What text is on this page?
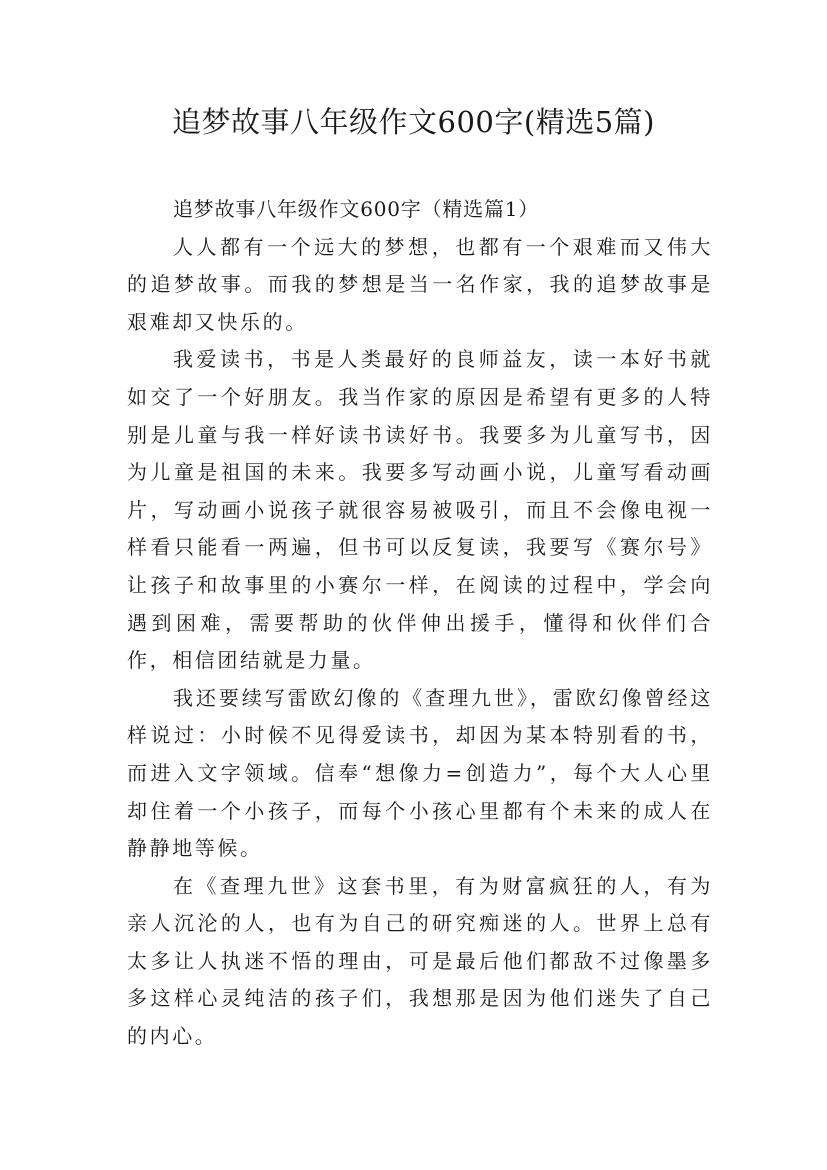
追梦故事八年级作文600字(精选5篇)

追梦故事八年级作文600字（精选篇1）

人人都有一个远大的梦想，也都有一个艰难而又伟大的追梦故事。而我的梦想是当一名作家，我的追梦故事是艰难却又快乐的。

我爱读书，书是人类最好的良师益友，读一本好书就如交了一个好朋友。我当作家的原因是希望有更多的人特别是儿童与我一样好读书读好书。我要多为儿童写书，因为儿童是祖国的未来。我要多写动画小说，儿童写看动画片，写动画小说孩子就很容易被吸引，而且不会像电视一样看只能看一两遍，但书可以反复读，我要写《赛尔号》让孩子和故事里的小赛尔一样，在阅读的过程中，学会向遇到困难，需要帮助的伙伴伸出援手，懂得和伙伴们合作，相信团结就是力量。

我还要续写雷欧幻像的《查理九世》，雷欧幻像曾经这样说过：小时候不见得爱读书，却因为某本特别看的书，而进入文字领域。信奉“想像力=创造力”，每个大人心里却住着一个小孩子，而每个小孩心里都有个未来的成人在静静地等候。

在《查理九世》这套书里，有为财富疯狂的人，有为亲人沉沦的人，也有为自己的研究痴迷的人。世界上总有太多让人执迷不悟的理由，可是最后他们都敌不过像墨多多这样心灵纯洁的孩子们，我想那是因为他们迷失了自己的内心。
